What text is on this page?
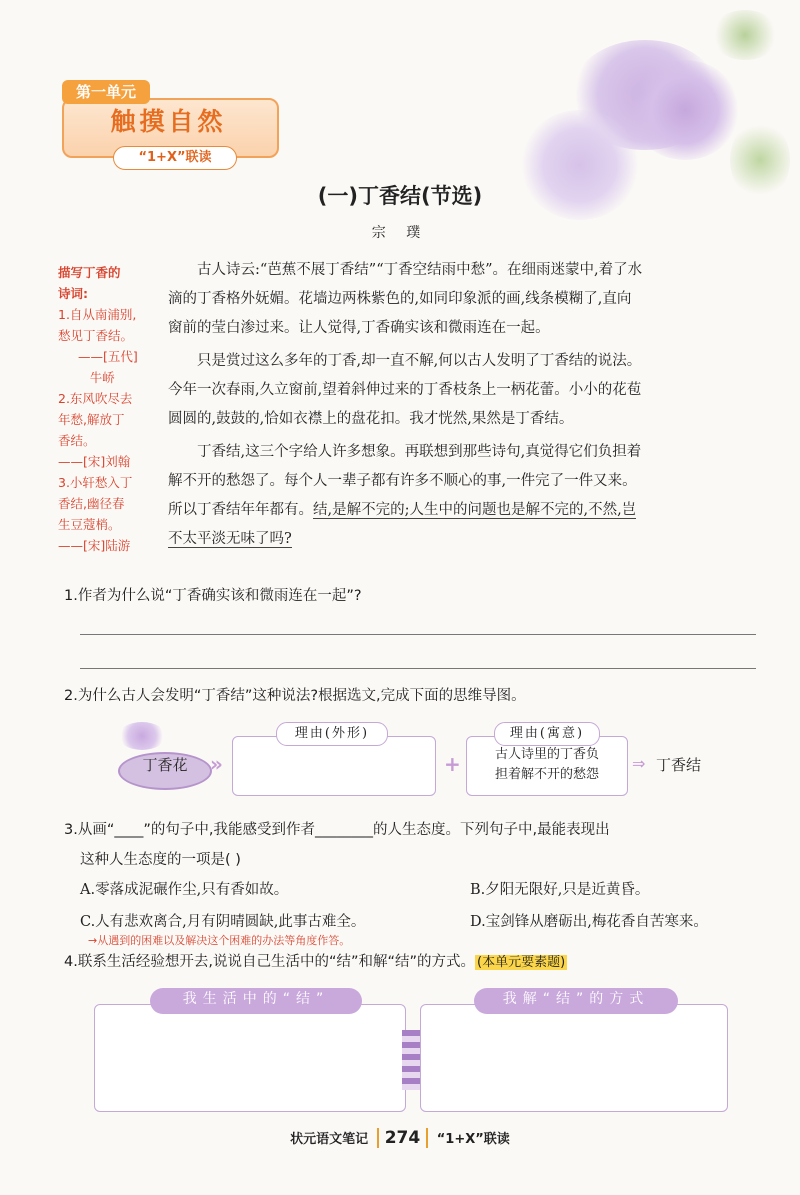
第一单元
触摸自然
“1+X”联读
(一)丁香结(节选)
宗 璞
描写丁香的
诗词:
1.自从南浦别,
愁见丁香结。
——[五代]
牛峤
2.东风吹尽去
年愁,解放丁
香结。
——[宋]刘翰
3.小轩愁入丁
香结,幽径春
生豆蔻梢。
——[宋]陆游
古人诗云:“芭蕉不展丁香结”“丁香空结雨中愁”。在细雨迷蒙中,着了水
滴的丁香格外妩媚。花墙边两株紫色的,如同印象派的画,线条模糊了,直向
窗前的莹白渗过来。让人觉得,丁香确实该和微雨连在一起。
只是赏过这么多年的丁香,却一直不解,何以古人发明了丁香结的说法。
今年一次春雨,久立窗前,望着斜伸过来的丁香枝条上一柄花蕾。小小的花苞
圆圆的,鼓鼓的,恰如衣襟上的盘花扣。我才恍然,果然是丁香结。
丁香结,这三个字给人许多想象。再联想到那些诗句,真觉得它们负担着
解不开的愁怨了。每个人一辈子都有许多不顺心的事,一件完了一件又来。
所以丁香结年年都有。结,是解不完的;人生中的问题也是解不完的,不然,岂
不太平淡无味了吗?
1.作者为什么说“丁香确实该和微雨连在一起”?
2.为什么古人会发明“丁香结”这种说法?根据选文,完成下面的思维导图。
丁香花	»
理由(外形)
+	古人诗里的丁香负
担着解不开的愁怨
理由(寓意)
⇒ 丁香结
3.从画“____”的句子中,我能感受到作者________的人生态度。下列句子中,最能表现出
这种人生态度的一项是( )
A.零落成泥碾作尘,只有香如故。	B.夕阳无限好,只是近黄昏。
C.人有悲欢离合,月有阴晴圆缺,此事古难全。	D.宝剑锋从磨砺出,梅花香自苦寒来。
→从遇到的困难以及解决这个困难的办法等角度作答。
4.联系生活经验想开去,说说自己生活中的“结”和解“结”的方式。 (本单元要素题)
我生活中的“结”	我解“结”的方式
状元语文笔记 274 “1+X”联读
